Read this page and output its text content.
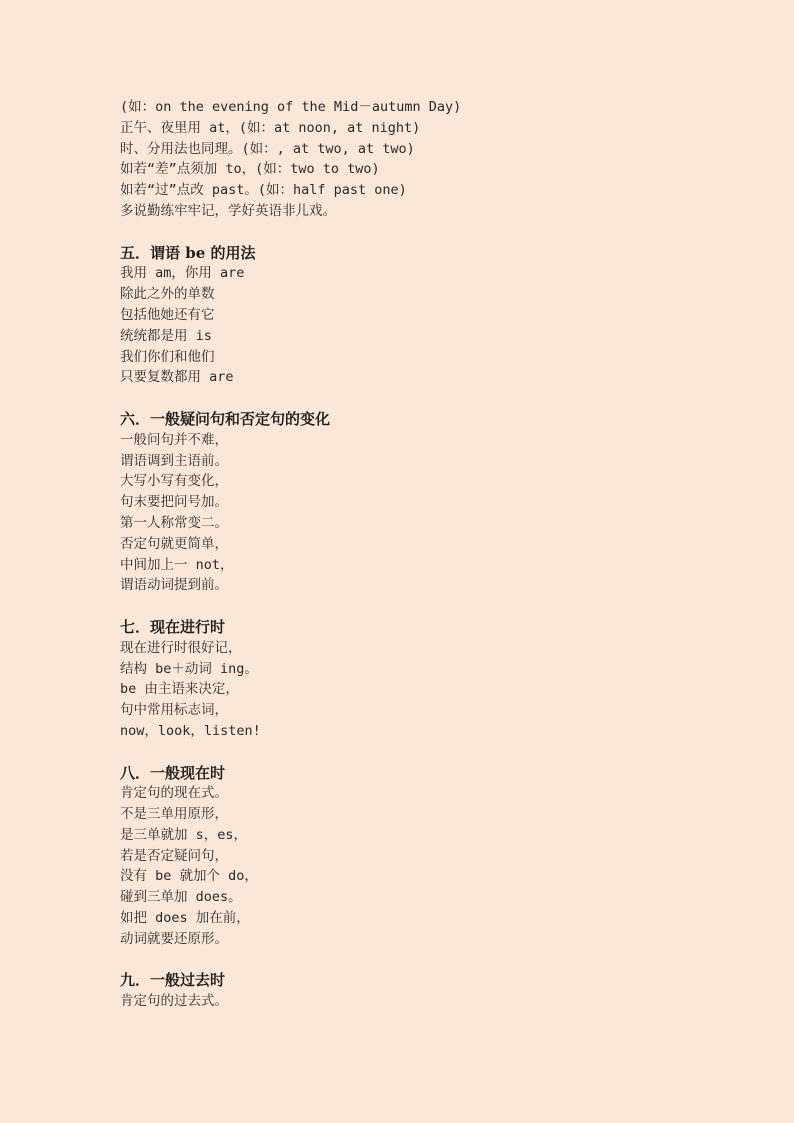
(如：on the evening of the Mid－autumn Day)
正午、夜里用 at，(如：at noon, at night)
时、分用法也同理。(如：, at two, at two)
如若“差”点须加 to，(如：two to two)
如若“过”点改 past。(如：half past one)
多说勤练牢牢记，学好英语非儿戏。
五．谓语 be 的用法
我用 am，你用 are
除此之外的单数
包括他她还有它
统统都是用 is
我们你们和他们
只要复数都用 are
六．一般疑问句和否定句的变化
一般问句并不难，
谓语调到主语前。
大写小写有变化，
句末要把问号加。
第一人称常变二。
否定句就更简单，
中间加上一 not，
谓语动词提到前。
七．现在进行时
现在进行时很好记，
结构 be＋动词 ing。
be 由主语来决定，
句中常用标志词，
now，look，listen!
八．一般现在时
肯定句的现在式。
不是三单用原形，
是三单就加 s，es，
若是否定疑问句，
没有 be 就加个 do，
碰到三单加 does。
如把 does 加在前，
动词就要还原形。
九．一般过去时
肯定句的过去式。
